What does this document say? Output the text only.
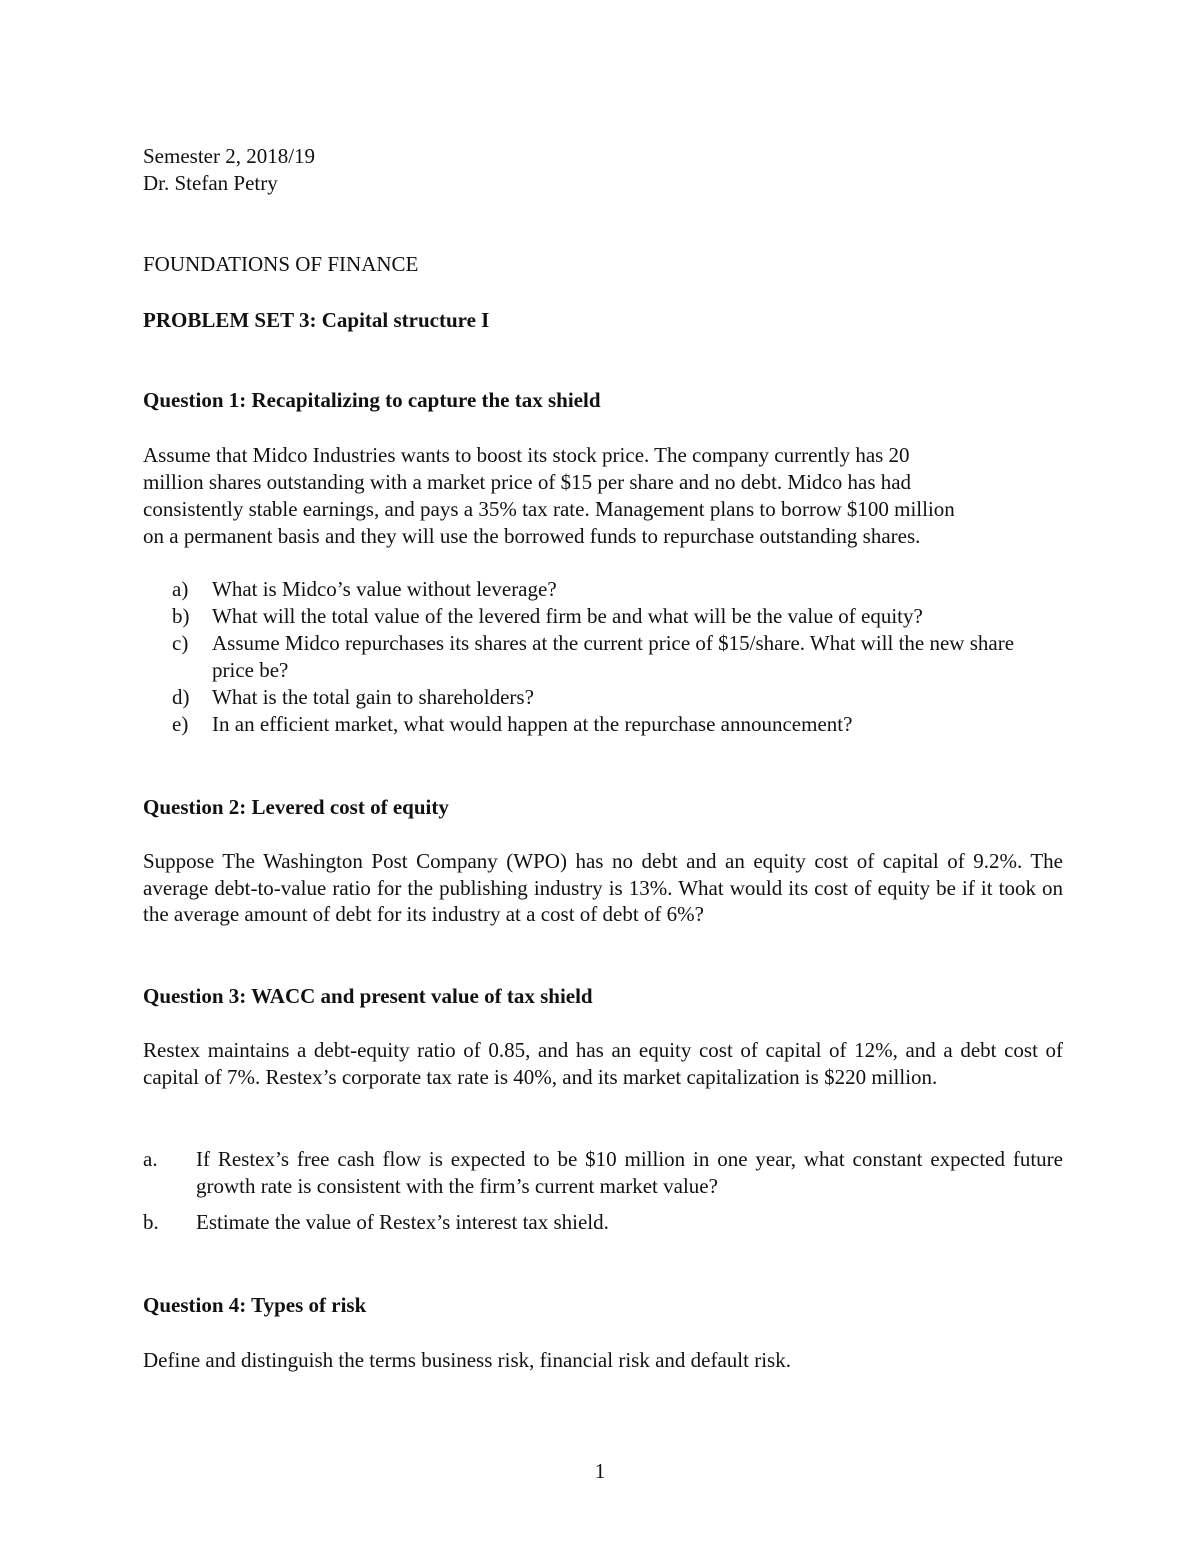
Semester 2, 2018/19
Dr. Stefan Petry
FOUNDATIONS OF FINANCE
PROBLEM SET 3: Capital structure I
Question 1: Recapitalizing to capture the tax shield
Assume that Midco Industries wants to boost its stock price. The company currently has 20
million shares outstanding with a market price of $15 per share and no debt. Midco has had
consistently stable earnings, and pays a 35% tax rate. Management plans to borrow $100 million
on a permanent basis and they will use the borrowed funds to repurchase outstanding shares.
a) What is Midco’s value without leverage?
b) What will the total value of the levered firm be and what will be the value of equity?
c) Assume Midco repurchases its shares at the current price of $15/share. What will the new share price be?
d) What is the total gain to shareholders?
e) In an efficient market, what would happen at the repurchase announcement?
Question 2: Levered cost of equity
Suppose The Washington Post Company (WPO) has no debt and an equity cost of capital of 9.2%. The average debt-to-value ratio for the publishing industry is 13%. What would its cost of equity be if it took on the average amount of debt for its industry at a cost of debt of 6%?
Question 3: WACC and present value of tax shield
Restex maintains a debt-equity ratio of 0.85, and has an equity cost of capital of 12%, and a debt cost of capital of 7%. Restex’s corporate tax rate is 40%, and its market capitalization is $220 million.
a. If Restex’s free cash flow is expected to be $10 million in one year, what constant expected future growth rate is consistent with the firm’s current market value?
b. Estimate the value of Restex’s interest tax shield.
Question 4: Types of risk
Define and distinguish the terms business risk, financial risk and default risk.
1
